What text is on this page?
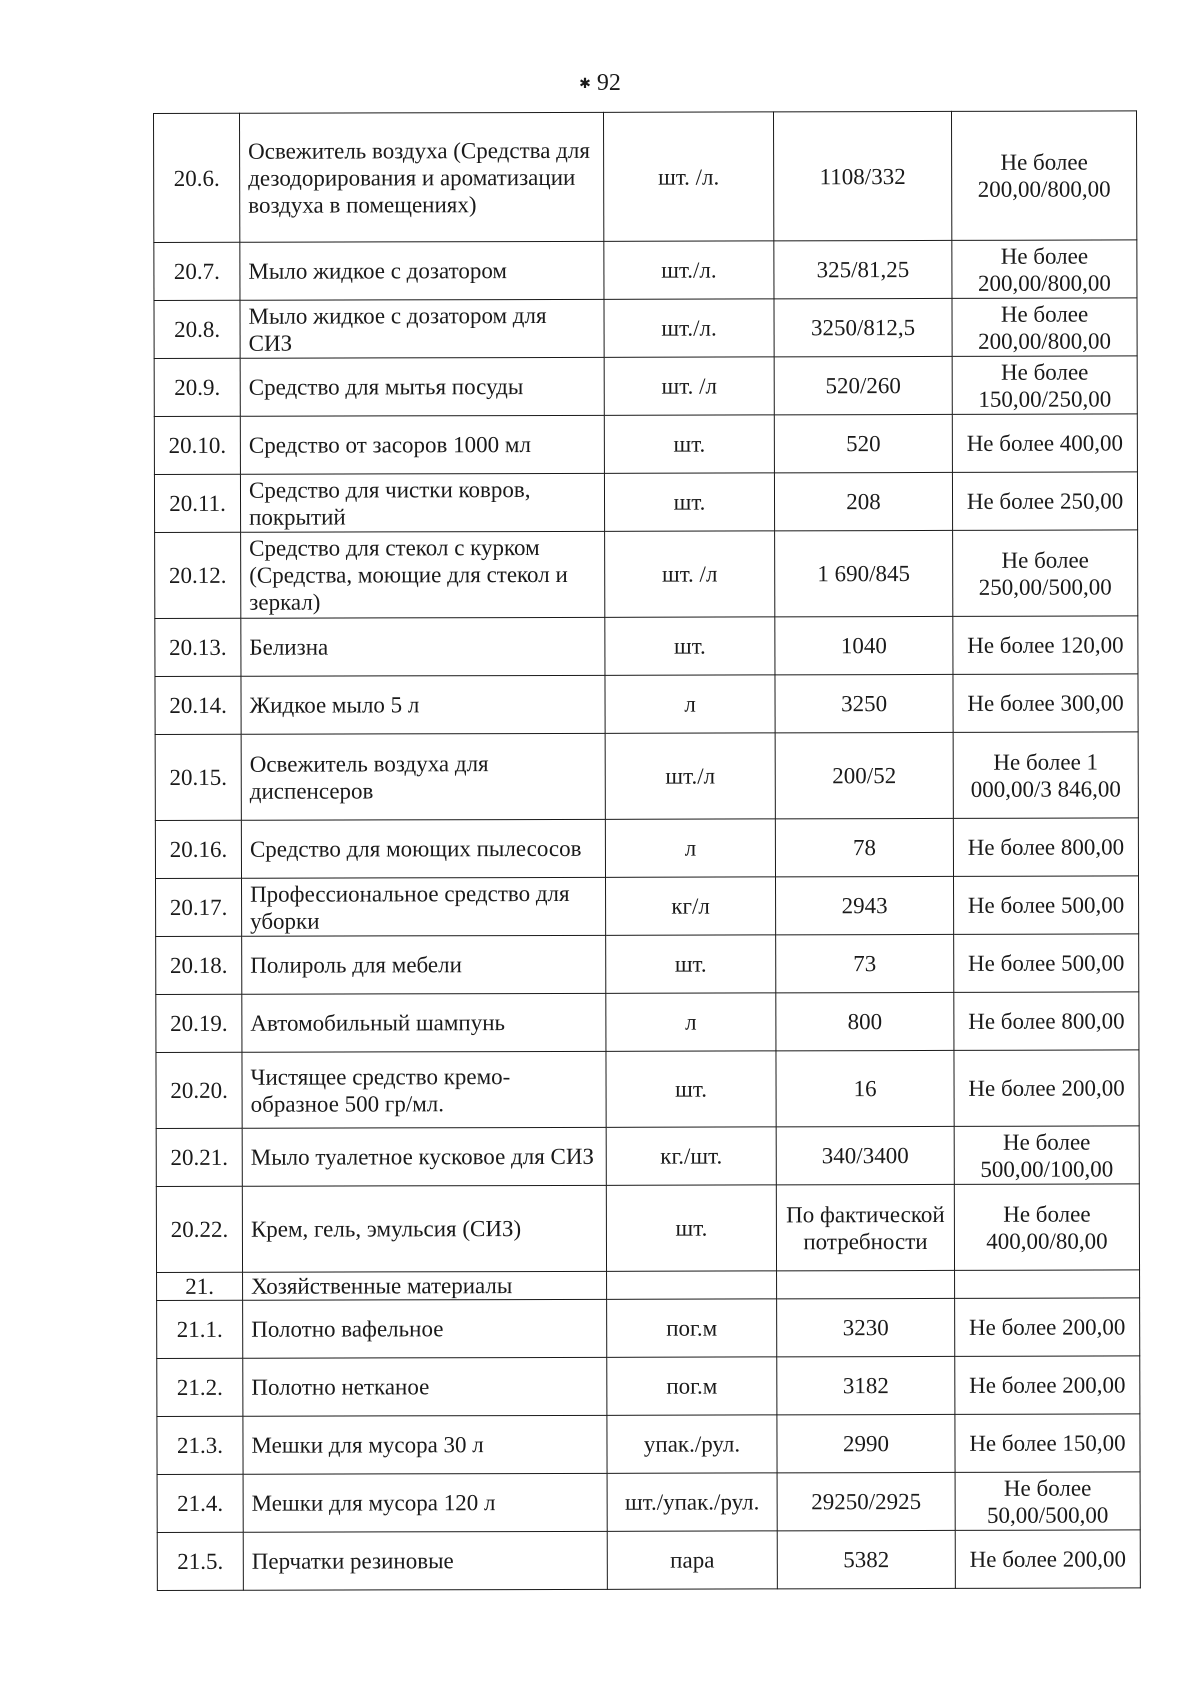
✱ 92
20.6.	Освежитель воздуха (Средства для дезодорирования и ароматизации воздуха в помещениях)	шт. /л.	1108/332	Не более 200,00/800,00
20.7.	Мыло жидкое с дозатором	шт./л.	325/81,25	Не более 200,00/800,00
20.8.	Мыло жидкое с дозатором для СИЗ	шт./л.	3250/812,5	Не более 200,00/800,00
20.9.	Средство для мытья посуды	шт. /л	520/260	Не более 150,00/250,00
20.10.	Средство от засоров 1000 мл	шт.	520	Не более 400,00
20.11.	Средство для чистки ковров, покрытий	шт.	208	Не более 250,00
20.12.	Средство для стекол с курком (Средства, моющие для стекол и зеркал)	шт. /л	1 690/845	Не более 250,00/500,00
20.13.	Белизна	шт.	1040	Не более 120,00
20.14.	Жидкое мыло 5 л	л	3250	Не более 300,00
20.15.	Освежитель воздуха для диспенсеров	шт./л	200/52	Не более 1 000,00/3 846,00
20.16.	Средство для моющих пылесосов	л	78	Не более 800,00
20.17.	Профессиональное средство для уборки	кг/л	2943	Не более 500,00
20.18.	Полироль для мебели	шт.	73	Не более 500,00
20.19.	Автомобильный шампунь	л	800	Не более 800,00
20.20.	Чистящее средство кремо-образное 500 гр/мл.	шт.	16	Не более 200,00
20.21.	Мыло туалетное кусковое для СИЗ	кг./шт.	340/3400	Не более 500,00/100,00
20.22.	Крем, гель, эмульсия (СИЗ)	шт.	По фактической потребности	Не более 400,00/80,00
21.	Хозяйственные материалы			
21.1.	Полотно вафельное	пог.м	3230	Не более 200,00
21.2.	Полотно нетканое	пог.м	3182	Не более 200,00
21.3.	Мешки для мусора 30 л	упак./рул.	2990	Не более 150,00
21.4.	Мешки для мусора 120 л	шт./упак./рул.	29250/2925	Не более 50,00/500,00
21.5.	Перчатки резиновые	пара	5382	Не более 200,00
